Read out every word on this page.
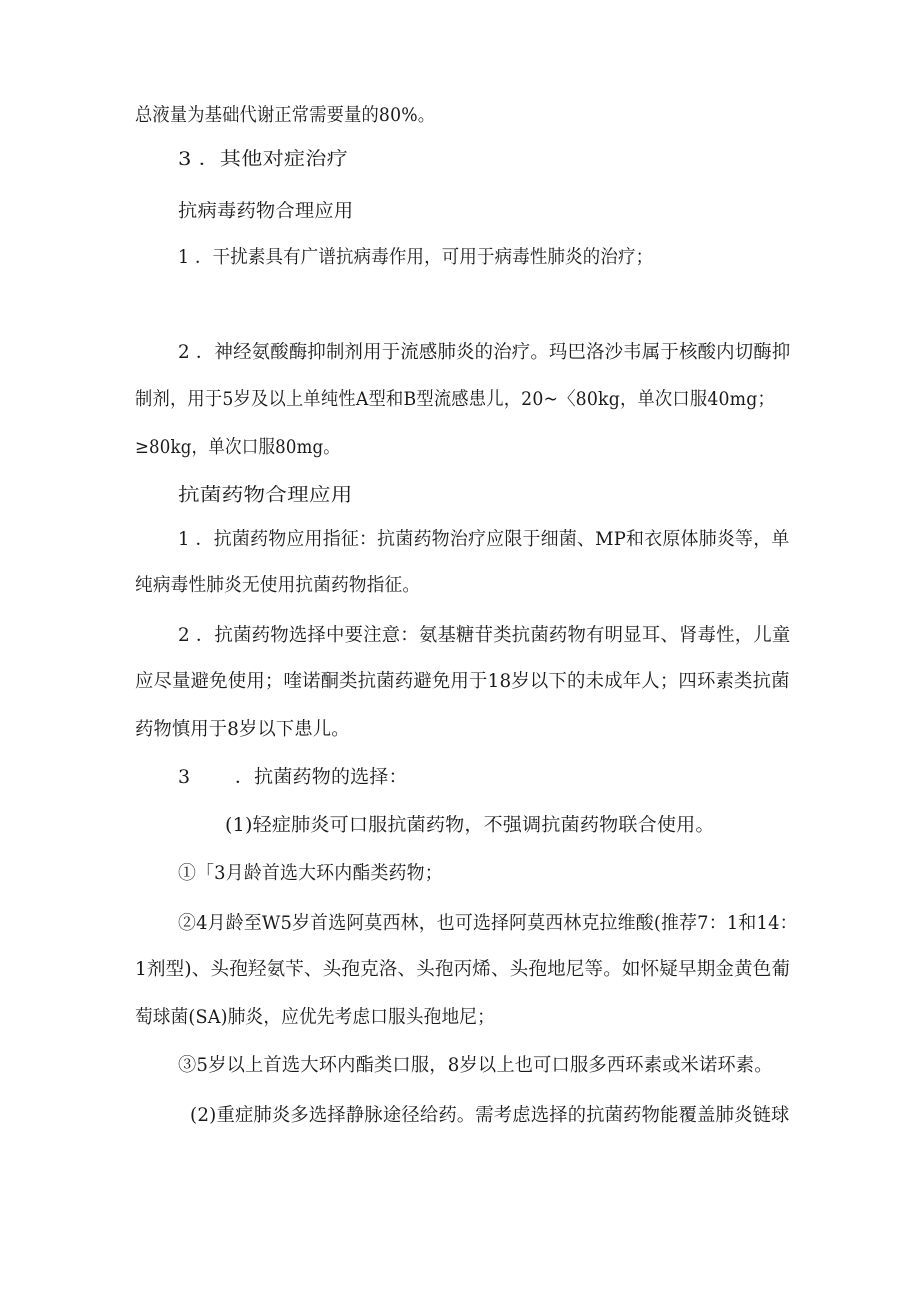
总液量为基础代谢正常需要量的80%。
3 ．其他对症治疗
抗病毒药物合理应用
1 ．干扰素具有广谱抗病毒作用，可用于病毒性肺炎的治疗；
2 ．神经氨酸酶抑制剂用于流感肺炎的治疗。玛巴洛沙韦属于核酸内切酶抑
制剂，用于5岁及以上单纯性A型和B型流感患儿，20~〈80kg，单次口服40mg；
≥80kg，单次口服80mg。
抗菌药物合理应用
1 ．抗菌药物应用指征：抗菌药物治疗应限于细菌、MP和衣原体肺炎等，单
纯病毒性肺炎无使用抗菌药物指征。
2 ．抗菌药物选择中要注意：氨基糖苷类抗菌药物有明显耳、肾毒性，儿童
应尽量避免使用；喹诺酮类抗菌药避免用于18岁以下的未成年人；四环素类抗菌
药物慎用于8岁以下患儿。
3 　　．抗菌药物的选择：
(1)轻症肺炎可口服抗菌药物，不强调抗菌药物联合使用。
①「3月龄首选大环内酯类药物；
②4月龄至W5岁首选阿莫西林，也可选择阿莫西林克拉维酸(推荐7：1和14：
1剂型)、头孢羟氨苄、头孢克洛、头孢丙烯、头孢地尼等。如怀疑早期金黄色葡
萄球菌(SA)肺炎，应优先考虑口服头孢地尼；
③5岁以上首选大环内酯类口服，8岁以上也可口服多西环素或米诺环素。
(2)重症肺炎多选择静脉途径给药。需考虑选择的抗菌药物能覆盖肺炎链球
